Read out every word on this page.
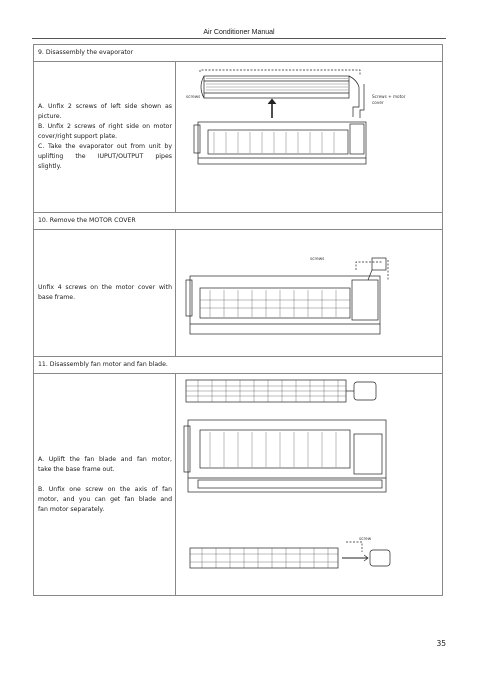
Air Conditioner Manual
9. Disassembly the evaporator

A. Unfix 2 screws of left side shown as

picture.

B. Unfix 2 screws of right side on motor

cover/right support plate.

C. Take the evaporator out from unit by

uplifting the IUPUT/OUTPUT pipes

slightly.

screws	Screws + motor
cover
10. Remove the MOTOR COVER

Unfix 4 screws on the motor cover with

base frame.

screws
11. Disassembly fan motor and fan blade.

A. Uplift the fan blade and fan motor,

take the base frame out.

B. Unfix one screw on the axis of fan

motor, and you can get fan blade and

fan motor separately.

screw
35
